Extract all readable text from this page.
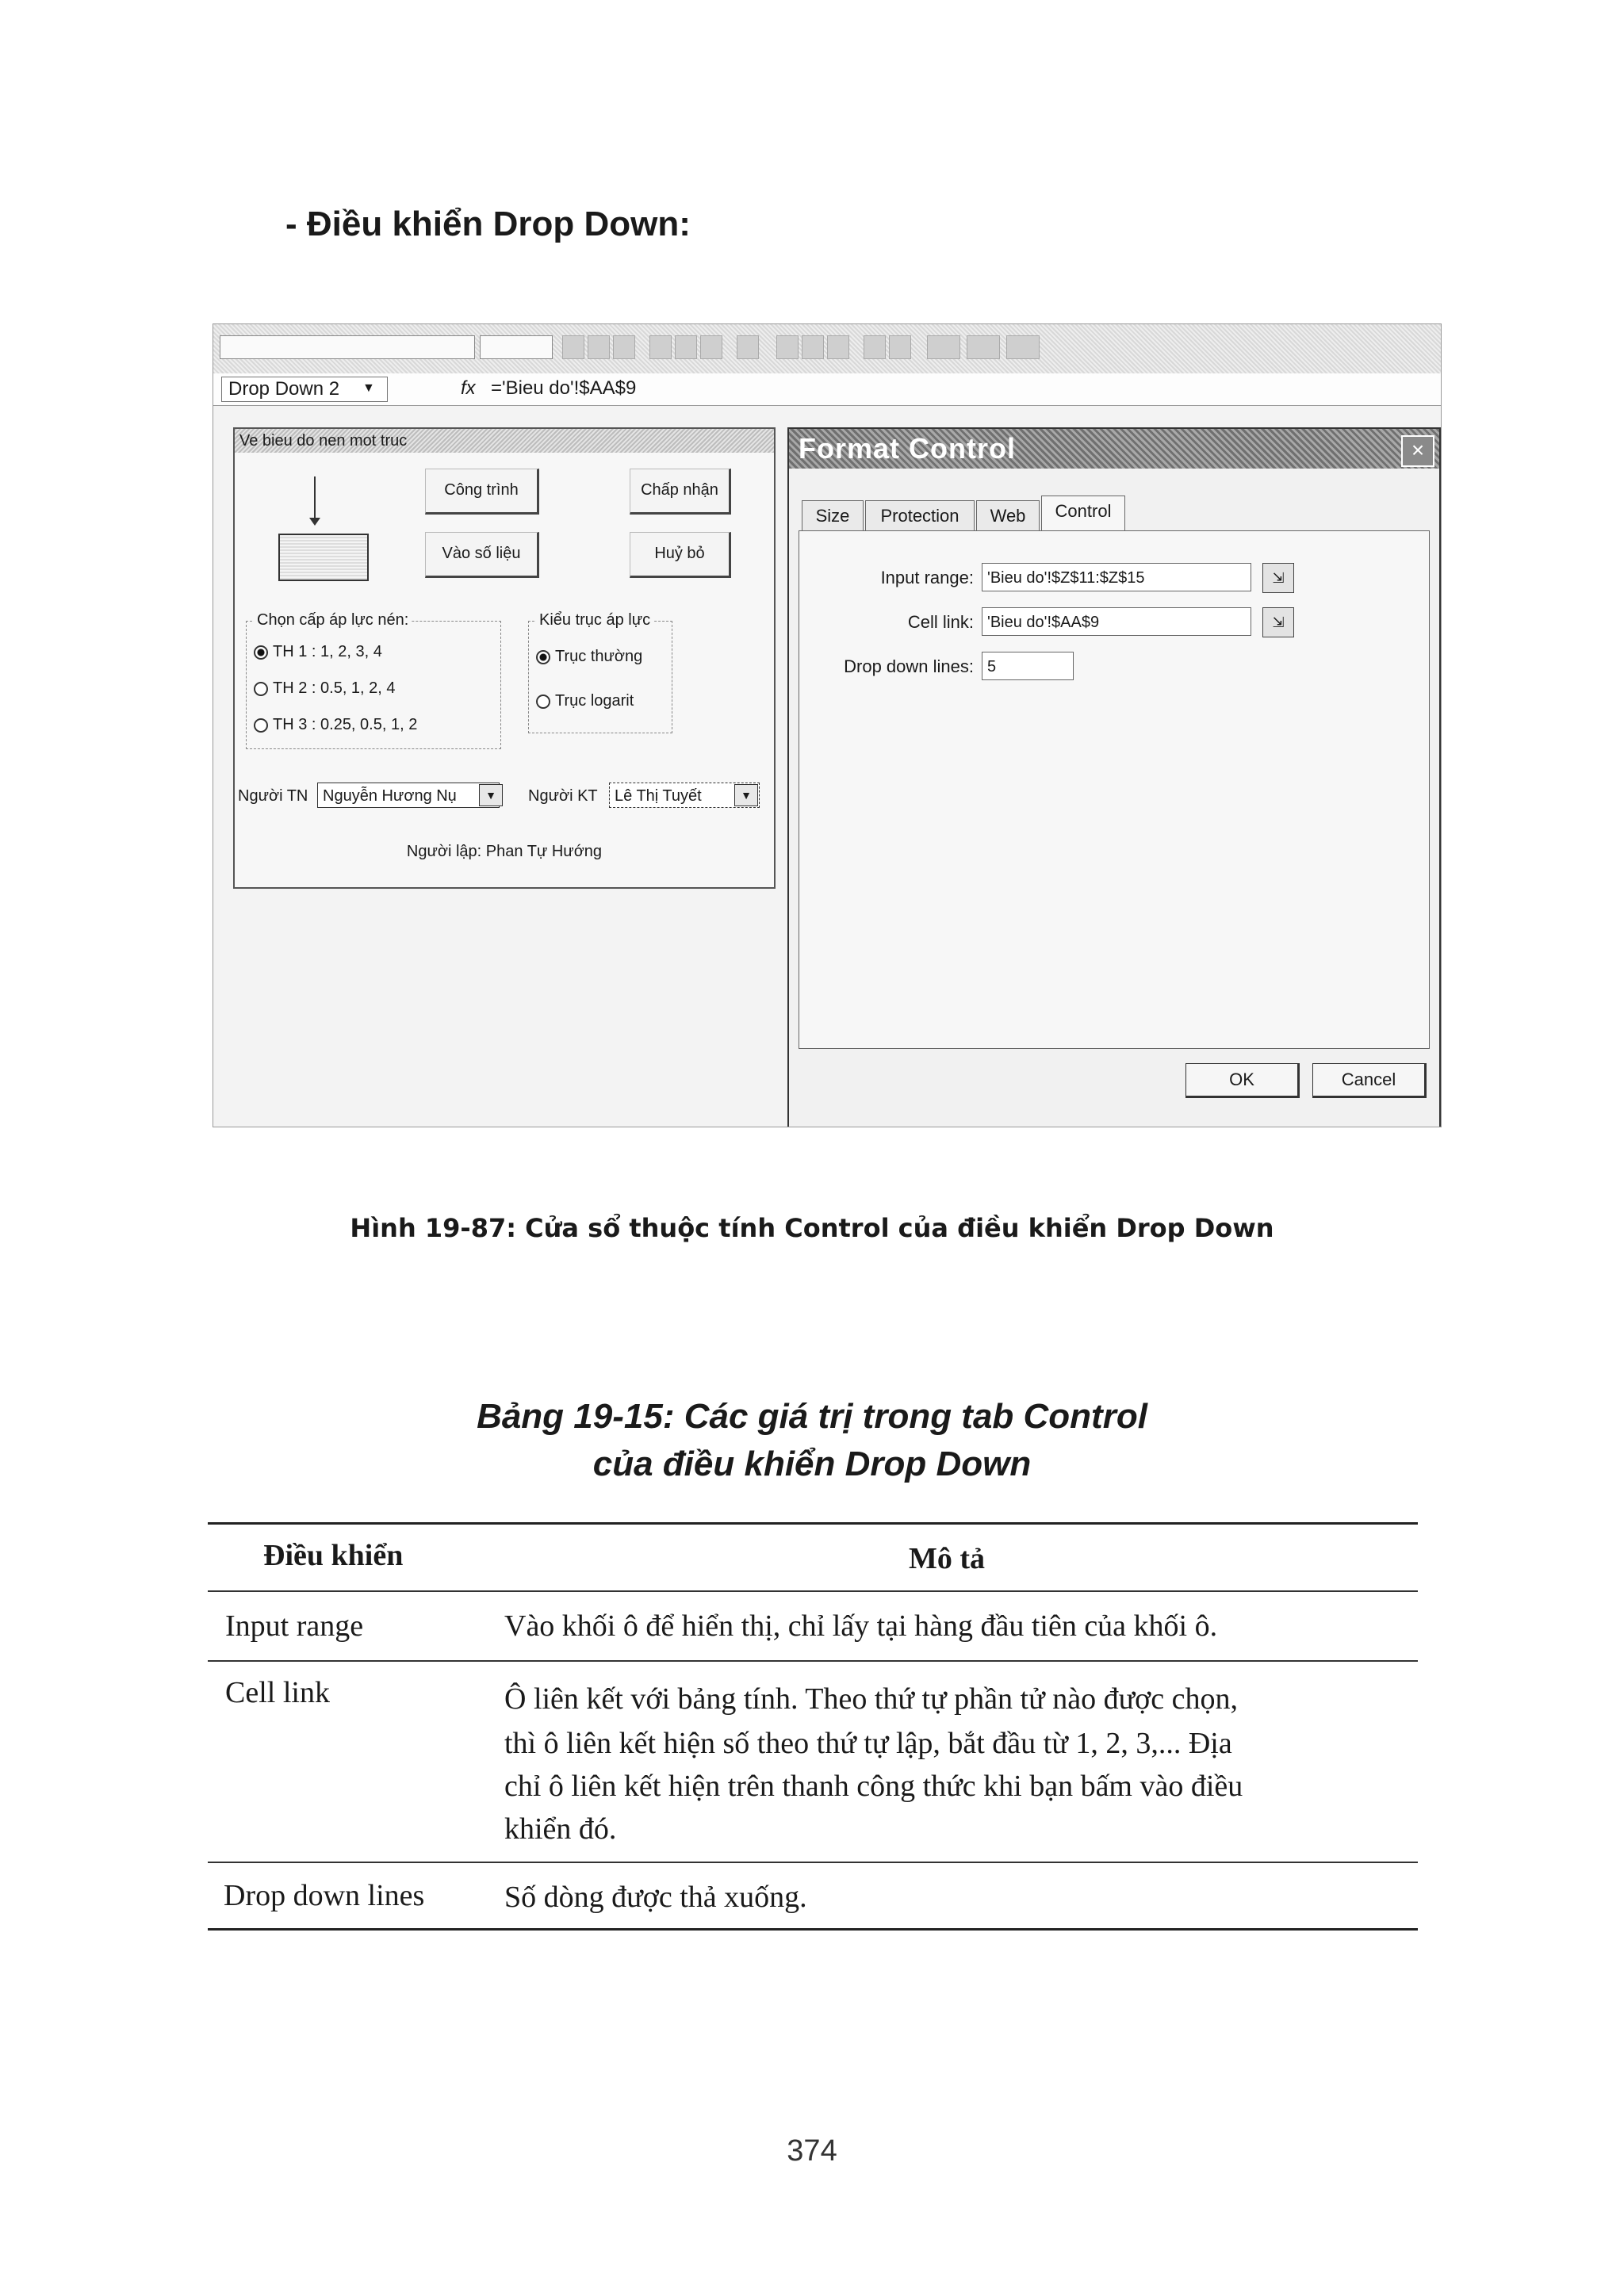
- Điều khiển Drop Down:
Drop Down 2	▼	fx ='Bieu do'!$AA$9
Ve bieu do nen mot truc
Công trình	Chấp nhận
Vào số liệu	Huỷ bỏ
Chọn cấp áp lực nén:
TH 1 : 1, 2, 3, 4
TH 2 : 0.5, 1, 2, 4
TH 3 : 0.25, 0.5, 1, 2
Kiểu trục áp lực
Trục thường
Trục logarit
Người TN Nguyễn Hương Nụ	▼	Người KT	Lê Thị Tuyết	▼
Người lập: Phan Tự Hướng
Format Control	×
Size	Protection	Web	Control
Input range: 'Bieu do'!$Z$11:$Z$15	⇲
Cell link: 'Bieu do'!$AA$9	⇲
Drop down lines: 5
OK	Cancel
Hình 19-87: Cửa sổ thuộc tính Control của điều khiển Drop Down
Bảng 19-15: Các giá trị trong tab Control
của điều khiển Drop Down
Điều khiển	Mô tả
Input range	Vào khối ô để hiển thị, chỉ lấy tại hàng đầu tiên của khối ô.
Cell link	Ô liên kết với bảng tính. Theo thứ tự phần tử nào được chọn,
thì ô liên kết hiện số theo thứ tự lập, bắt đầu từ 1, 2, 3,... Địa
chỉ ô liên kết hiện trên thanh công thức khi bạn bấm vào điều
khiển đó.
Drop down lines	Số dòng được thả xuống.
374
